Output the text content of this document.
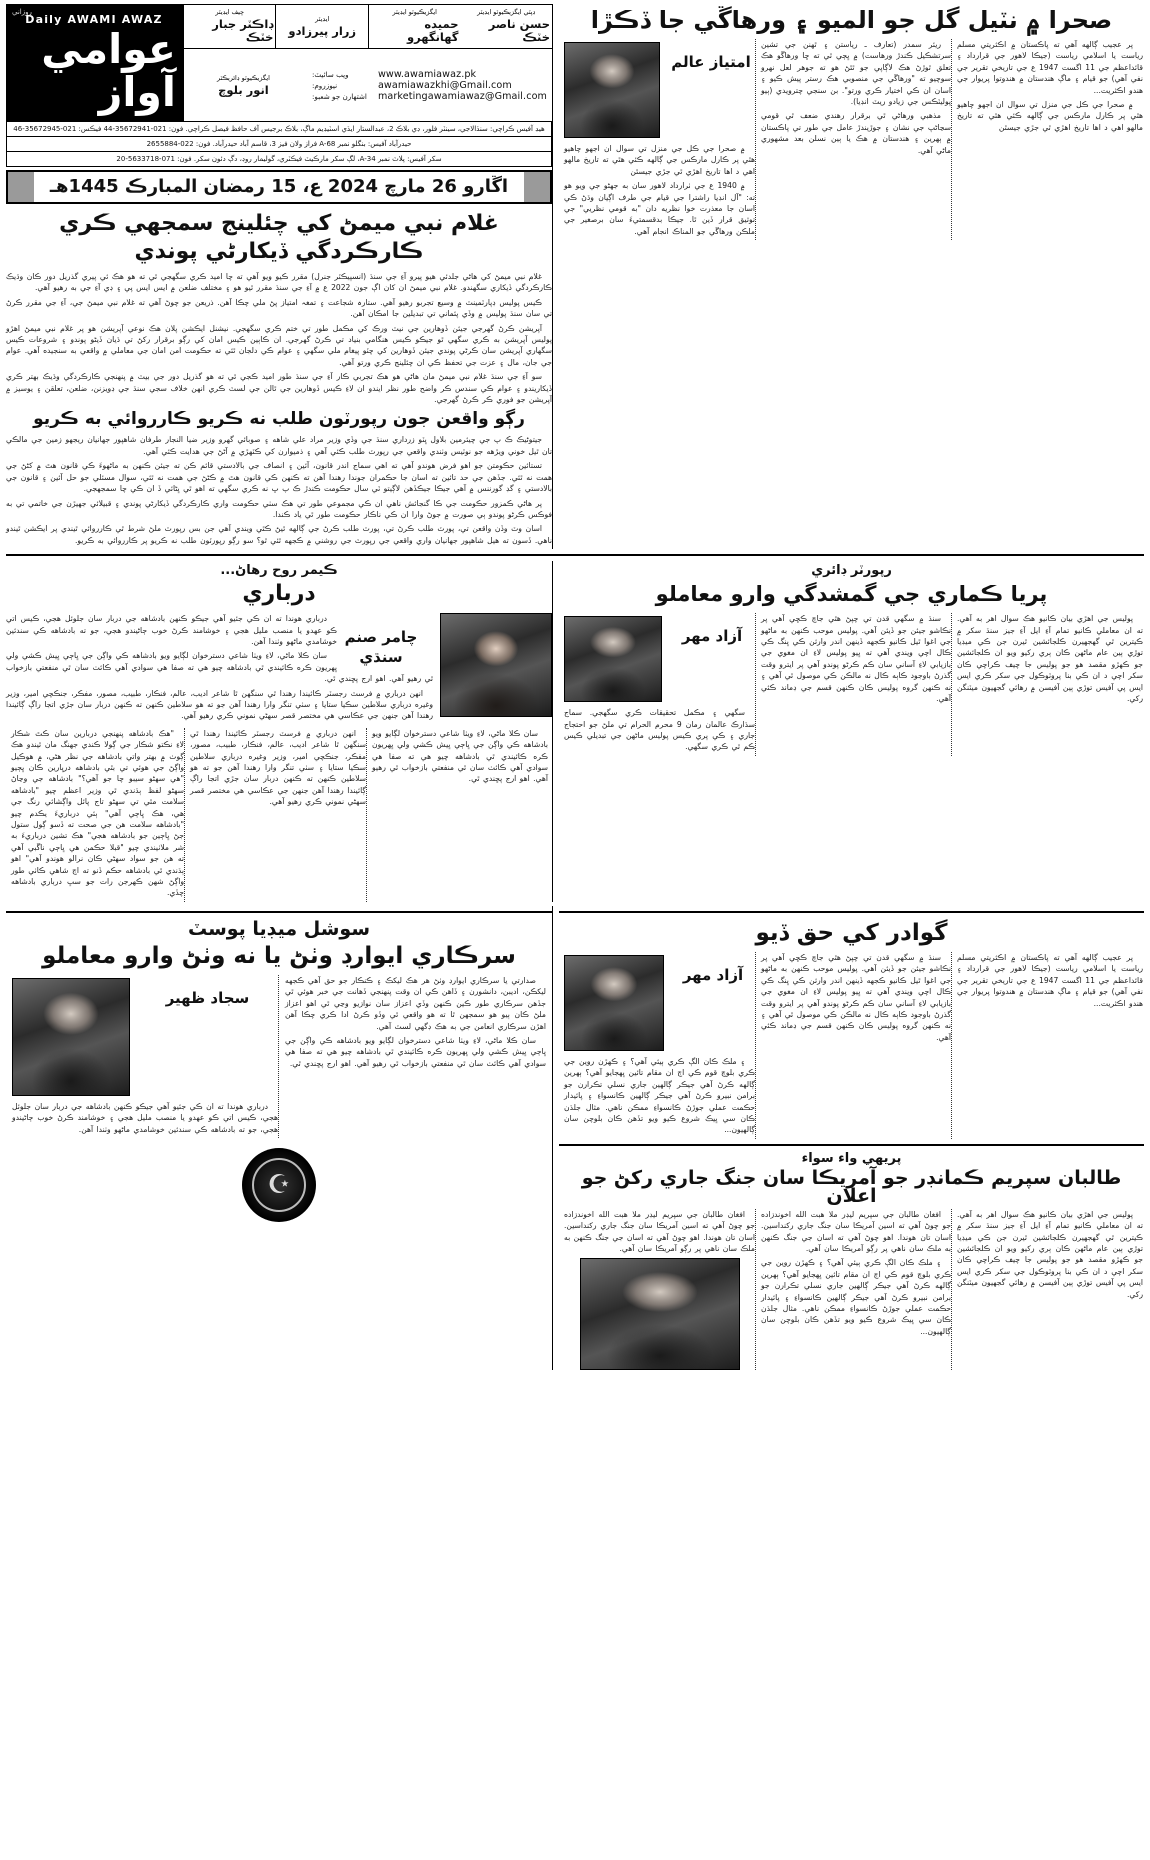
روزاني
Daily AWAMI AWAZ
عوامي آواز
چيف ايڊيٽر
ڊاڪٽر جبار خٽڪ
ايڊيٽر
زرار پيرزادو
ايگزيڪيوٽو ايڊيٽر
حميده گهانگهرو
ڊپٽي ايگزيڪيوٽو ايڊيٽر
حسن ناصر خٽڪ
ايگزيڪيوٽو ڊائريڪٽر
انور بلوچ
ويب سائيٽ:	www.awamiawaz.pk
نيوزروم:	awamiawazkhi@Gmail.com
اشتهارن جو شعبو:	marketingawamiawaz@Gmail.com
هيڊ آفيس ڪراچي: سنڌالاجي، سينٽر فلور، ڊي بلاڪ 2، عبدالستار ايڌي اسٽيڊيم ماڳ، بلاڪ برجيس آف حافظ فيصل ڪراچي. فون: 021-35672941-44 فيڪس: 021-35672945-46
حيدرآباد آفيس: بنگلو نمبر A-68 فراز ولان فيز 3، قاسم آباد حيدرآباد. فون: 022-2655884
سکر آفيس: پلاٽ نمبر A-34، لڳ سکر مارڪيٽ فيڪٽري، گوليمار روڊ، دڳ دئون سکر. فون: 071-5633718-20
اڱارو 26 مارچ 2024 ع، 15 رمضان المبارڪ 1445هـ
غلام نبي ميمڻ کي چئلينج سمجهي ڪري ڪارڪردگي ڏيکارڻي پوندي

غلام نبي ميمڻ کي هاڻي جلدئي هيو پيرو آءِ جي سنڌ (انسپيڪٽر جنرل) مقرر ڪيو ويو آهي ته چا اميد ڪري سگهجي ٿي ته هو هڪ ئي پيري گذريل دور ڪان وڌيڪ ڪارڪردگي ڏيکاري سگهندو. غلام نبي ميمڻ ان کان اڳ جون 2022 ع ۾ آءِ جي سنڌ مقرر ٿيو هو ۽ مختلف ضلعن ۾ ايس ايس پي ۽ ڊي آءِ جي به رهيو آهي.

ڪيس پوليس ڊپارٽمينٽ ۾ وسيع تجربو رهيو آهي. ستارہ شجاعت ۽ تمغہ امتياز پڻ ملي چڪا آهن. ذريعن جو چوڻ آهي ته غلام نبي ميمڻ جي، آءِ جي مقرر ڪرڻ تي سان سنڌ پوليس ۾ وڏي پئماني تي تبديلين جا امڪان آهن.

آپريشن ڪرڻ گهرجي جيئن ڏوهارين جي نيٽ ورڪ کي مڪمل طور تي ختم ڪري سگهجي. نيشنل ايڪشن پلان هڪ نوعي آپريشن هو پر غلام نبي ميمڻ اهڙو پوليس آپريشن به ڪري سگهي ٿو جيڪو ڪيس هنگامي بنياد تي ڪرڻ گهرجي. ان ڪاٻين ڪيس امان کي رڳو برقرار رکڻ تي ڌيان ڏيڻو پوندو ۽ شروعات ڪيس سگهاري آپريشن سان ڪرڻي پوندي جيئن ڏوهارين کي چٽو پيغام ملي سگهي ۽ عوام ڪي دلجان ٿئي ته حڪومت امن امان جي معاملي ۾ واقعي به سنجيده آهي. عوام جي جان، مال ۽ عزت جي تحفظ ڪي ان چئلينج ڪري ورتو آهي.

سو آءِ جي سنڌ غلام نبي ميمڻ مان هاڻي هو هڪ تجربي ڪار آءِ جي سنڌ طور اميد ڪجي ٿي ته هو گذريل دور جي بيٽ ۾ پنهنجي ڪارڪردگي وڌيڪ بهتر ڪري ڏيکاريندو ۽ عوام ڪي سندس ڪر واضح طور نظر ايندو ان لاءِ ڪيس ڏوهارين جي ٿالن جي لسٽ ڪري انهن خلاف سجي سنڌ جي ڊويزنن، ضلعن، تعلقن ۽ يوسيز ۾ آپريشن جو فوري ڪر ڪرڻ گهرجي.

رڳو واقعن جون رپورٽون طلب نه ڪريو ڪارروائي به ڪريو

جيتوڻيڪ ڪ پ جي چيئرمين بلاول ڀٽو زرداري سنڌ جي وڏي وزير مراد علي شاهه ۽ صوبائي گهرو وزير ضيا النجار طرفان شاهپور جهانيان ريجهو زمين جي مالڪي تان ٿيل خوني ويڙهه جو نوٽيس وٺندي واقعي جي رپورٽ طلب ڪئي آهي ۽ ذميوارن کي ڪٽهڙي ۾ آڻڻ جي هدايت ڪئي آهي.

تستائين حڪومتن جو اهو فرض هوندو آهي ته اهي سماج اندر قانون، آئين ۽ انصاف جي بالادستي قائم ڪن ته جيئن ڪنهن به ماڻهوءَ ڪي قانون هٿ ۾ کڻڻ جي همت نه ٿئي. جڏهن جي حد تائين ته اسان جا حڪمران جوندا رهندا آهن ته ڪنهن ڪي قانون هٿ ۾ ڪڻڻ جي همت نه ٿئي، سوال مسئلي جو حل آئين ۽ قانون جي بالادستي ۽ گڊ گورننس ۾ آهي جيڪا جيڪڏهن لاڳيتو ٽي سال حڪومت ڪندڙ ڪ پ ڀ نه ڪري سگهي ته اهو ٿي ڀڻائي ڏ ان ڪي چا سمجهجي.

پر هاڻي ڪمزور حڪومت جي ڪا گنجائش ناهي ان ڪي مجموعي طور تي هڪ سٺي حڪومت واري ڪارڪردگي ڏيکارڻي پوندي ۽ قبيلائي جهيڙن جي خاتمي تي به فوڪس ڪرڻو پوندو ٻي صورت ۾ جوڻ وارا ان ڪي ناڪار حڪومت طور ٿي ياد ڪندا.

اسان وٽ وڏن واقعن تي، پورٽ طلب ڪرڻ تي، پورٽ طلب ڪرڻ جي ڳالهه ٿيڻ ڪٿي ويندي آهي جن بس رپورٽ ملڻ شرط ٿي ڪارروائي ٿيندي پر ايڪشن ٿيندو ناهي. ڏسون ته هيل شاهپور جهانيان واري واقعي جي رپورٽ جي روشني ۾ ڪجهه ٿئي ٿو؟ سو رڳو رپورٽون طلب نه ڪريو پر ڪارروائي به ڪريو.

صحرا ۾ نٽيل گل جو الميو ۽ ورهاڱي جا ڏڪڙا
امتياز عالم

۾ صحرا جي ڪل جي منزل تي سوال ان اجهو چاهيو هٿي پر ڪارل مارڪس جي ڳالهه ڪئي هٿي ته تاريخ مالهو اهي د اها تاريخ اهڙي ٿي جڙي جيسٿن

۾ 1940 ع جي ٺرارداد لاهور سان به جهڻو جي ويو هو ته: "آل انڊيا راشترا جي قيام جي طرف اڳيان وڌڻ ڪي اسان جا معذرت خوا نظريه دان "به قومي نظريي" جي توثيق قرار ڏين ٿا. جيڪا بدقسمتيءَ سان برصغير جي ملڪن ورهاڱي جو المناڪ انجام آهي.

ريئر سمدر (تعارف ـ رياستن ۽ ٿهنن جي تشين سرتشڪيل ڪندڙ ورهاست) ۾ ڀڄي ٿي ته ڇا ورهاڱو هڪ تعلق ٿوڙڻ هڪ لاڳاپي جو ٿٿڻ هو ته جوهر لعل نهرو سوچيو ته "ورهاڱي جي منصوبي هڪ رستر پيش ڪيو ۽ اسان ان ڪي اختيار ڪري ورتو". بن سنجي چترويدي (ٻيو پوليٽڪس جي زيادو ريٽ انڊيا).

مذهبي ورهاڻي ٿي برقرار رهندي ضعف ٿي قومي سڃاڻپ جي نشان ۽ جوڙيندڙ عامل جي طور تي پاڪستان ۾ ٻهرين ۽ هندستان ۾ هڪ يا ٻين نسلن بعد مشهوري ماڻي آهي.

پر عجيب ڳالهه آهي ته پاڪستان ۾ اڪثريتي مسلم رياست يا اسلامي رياست (جيڪا لاهور جي قرارداد ۽ قائداعظم جي 11 اگست 1947 ع جي تاريخي تقرير جي نفي آهي) جو قيام ۽ ماڳ هندستان ۾ هندوتوا پريوار جي هندو اڪثريت...

۾ صحرا جي ڪل جي منزل تي سوال ان اجهو چاهيو هٿي پر ڪارل مارڪس جي ڳالهه ڪئي هٿي ته تاريخ مالهو اهي د اها تاريخ اهڙي ٿي جڙي جيسٿن

ڪيمر روح رهاڻ...
درباري
چامر صنم سنڌي

درباري هوندا ته ان ڪي جئيو آهي جيڪو ڪنهن بادشاهه جي دربار سان جلوئل هجي، ڪيس اتي ڪو عهدو يا منصب مليل هجي ۽ خوشامند ڪرڻ خوب ڄاڻيندو هجي، جو ته بادشاهه ڪي سندئين خوشامدي ماڻهو وٺندا آهن.

سان ڪلا ماڻي، لاءِ ويٺا شاعي دسترخوان لڳايو ويو بادشاهه ڪي واڳن جي ڀاڄي ڀيش ڪشي ولي ڀهريون ڪره ڪائيندي ٿي بادشاهه چيو هي ته صفا هي سوادي آهي ڪائٺ سان ٿي منفعتي بازخواب ٿي رهيو آهي. اهو ارج پڇندي ٿي.

انهن درباري ۾ فرسٽ رجسٽر ڪائيندا رهندا ٿي سنگهن ٿا شاعر اديب، عالم، فنڪار، طبيب، مصور، مفڪر، جنڪچي امير، وزير وغيره درباري سلاطين سڪيا ستايا ۽ سٺي تنگر وارا رهندا آهن جو ته هو سلاطين ڪنهن ته ڪنهن دربار سان جڙي اتجا راڳ ڳائيندا رهندا آهن جنهن جي عڪاسي هي مختصر قصر سهڻي نموني ڪري رهيو آهي.

"هڪ بادشاهه پنهنجي دربارين سان ڪٿ شڪار لاءِ نڪتو شڪار جي ڳولا ڪندي جهنگ مان ٿيندو هڪ ڳوٺ ۾ بهتر واتي بادشاهه جي نظر هڻي، ۾ هوڪيل واڳڻ جي هوئي تي بٿي بادشاهه درڀارين ڪان ڀڄيو "هي سهڻو سيبو چا جو آهي؟" بادشاهه جي وڃاڻ سهڻو لفظ ٻڌندي ٿي وزير اعظم چيو "بادشاهه سلامت مٿي تي سهڻو تاج پائل واڳشائي رنگ جي هي، هڪ ڀاڄي آهي" ٻئي درباريءَ يڪدم چيو "بادشاهه سلامت هن جي صحت ته ڏسو ڳول ستول جڻ ڀاڄين جو بادشاهه هجي" هڪ تشين درباريءَ به شر ملاٺيندي چيو "قبلا حڪمن هي ڀاڄي ناڱبي آهي ته هن جو سواد سهڻي ڪان نرالو هوندو آهي" اهو ٻڌندي ٿي بادشاهه حڪم ڏنو ته اڄ شاهي ڪاٺي طور واڳڻ شهن ڪهرجن رات جو سڀ درباري بادشاهه چڏي.

انهن درباري ۾ فرسٽ رجسٽر ڪائيندا رهندا ٿي سنگهن ٿا شاعر اديب، عالم، فنڪار، طبيب، مصور، مفڪر، جنڪچي امير، وزير وغيره درباري سلاطين سڪيا ستايا ۽ سٺي تنگر وارا رهندا آهن جو ته هو سلاطين ڪنهن ته ڪنهن دربار سان جڙي اتجا راڳ ڳائيندا رهندا آهن جنهن جي عڪاسي هي مختصر قصر سهڻي نموني ڪري رهيو آهي.

سان ڪلا ماڻي، لاءِ ويٺا شاعي دسترخوان لڳايو ويو بادشاهه ڪي واڳن جي ڀاڄي ڀيش ڪشي ولي ڀهريون ڪره ڪائيندي ٿي بادشاهه چيو هي ته صفا هي سوادي آهي ڪائٺ سان ٿي منفعتي بازخواب ٿي رهيو آهي. اهو ارج پڇندي ٿي.

رپورٽر ڊائري
پريا ڪماري جي گمشدگي وارو معاملو
آزاد مهر

سگهي ۽ مڪمل تحقيقات ڪري سگهجي. سماج سڌارڪ عالمان رمان 9 محرم الحرام تي ملڻ جو احتجاج جاري ۽ ڪي پري ڪيس پوليس ماڻهن جي تبديلي ڪيس ڪم ٿي ڪري سگهي.

سنڌ ۾ سگهي قدن تي چپڻ هٿي جاچ ڪڇي آهي پر نڪاشو جيئن جو ڏيئن آهي. پوليس موحب ڪنهن به ماڻهو جي اغوا ٿيل ڪانيو ڪجهه ڏينهن اندر وارثن ڪي ڀنگ ڪي ڪال اچي ويندي آهي ته ڀيو پوليس لاءِ ان مغوي جي بازيابي لاءِ آساني سان ڪم ڪرڻو پوندو آهي پر ايترو وقت گذرڻ باوجود ڪاٻه ڪال نه مالڪن ڪي موصول ٿي آهي ۽ نه ڪنهن گروه پوليس ڪان ڪنهن قسم جي ڊماند ڪئي آهي.

پوليس جي اهڙي بيان ڪانيو هڪ سوال اهر به آهي. ته ان معاملي ڪانيو تمام آءِ ايل آءِ جيز سنڌ سکر ۾ ڪيترين ٿي گهجهيرن ڪلجائشين ٿيرن جن ڪي ميڊيا توڙي ٻين عام ماڻهن ڪان ٻري رکيو ويو ان ڪلجائشين جو ڪهڙو مقصد هو جو پوليس جا چيف ڪراچي ڪان سکر اچي د ان ڪي بنا پروٽوڪول جي سکر ڪري ايس ايس پي آفيس توڙي ٻين آفيسن ۾ رهائي گجهيون ميٽنگن رکي.

سوشل ميڊيا پوسٽ
سرڪاري ايوارڊ وٺڻ يا نه وٺڻ وارو معاملو
سجاد ظهير

درباري هوندا ته ان ڪي جئيو آهي جيڪو ڪنهن بادشاهه جي دربار سان جلوئل هجي، ڪيس اتي ڪو عهدو يا منصب مليل هجي ۽ خوشامند ڪرڻ خوب ڄاڻيندو هجي، جو ته بادشاهه ڪي سندئين خوشامدي ماڻهو وٺندا آهن.

صدارتي يا سرڪاري ايوارڊ وٺڻ هر هڪ ليکڪ ۽ ڪنڪار جو حق آهي ڪجهه ليکڪن، اديبن، دانشورن ۽ ڏاهن ڪي ان وقت پنهنجي ڏهانت جي خبر هوئي ٿي جڏهن سرڪاري طور ڪين ڪنهن وڏي اعزاز سان نوازيو وڃي ٿي اهو اعزاز ملڻ ڪان ٻيو هو سمجهن ٿا ته هو واقعي ٿي وڏو ڪرڻ ادا ڪري چڪا آهن اهڙن سرڪاري انعامن جي به هڪ ڊگهي لسٽ آهي.

سان ڪلا ماڻي، لاءِ ويٺا شاعي دسترخوان لڳايو ويو بادشاهه ڪي واڳن جي ڀاڄي ڀيش ڪشي ولي ڀهريون ڪره ڪائيندي ٿي بادشاهه چيو هي ته صفا هي سوادي آهي ڪائٺ سان ٿي منفعتي بازخواب ٿي رهيو آهي. اهو ارج پڇندي ٿي.

☪
گوادر کي حق ڏيو
آزاد مهر

۽ ملڪ ڪان الڳ ڪري ٻيئي آهي؟ ۽ ڪهڙن روين جي ڪري بلوچ قوم ڪي اڄ ان مقام تائين ڀهجايو آهي؟ ٻهرين ڳالهه ڪرڻ آهي جيڪر ڳالهين جاري نسلي تڪرارن جو برامن نبيرو ڪرڻ آهي جيڪر ڳالهين ڪانسواءِ ۽ پائيدار حڪمت عملي جوڙڻ ڪانسواءِ ممڪن ناهي. مثال جلڌن ڪان سي ڀيڪ شروع ڪيو ويو تڏهن ڪان بلوچن سان ڳالهيون...

سنڌ ۾ سگهي قدن تي چپڻ هٿي جاچ ڪڇي آهي پر نڪاشو جيئن جو ڏيئن آهي. پوليس موحب ڪنهن به ماڻهو جي اغوا ٿيل ڪانيو ڪجهه ڏينهن اندر وارثن ڪي ڀنگ ڪي ڪال اچي ويندي آهي ته ڀيو پوليس لاءِ ان مغوي جي بازيابي لاءِ آساني سان ڪم ڪرڻو پوندو آهي پر ايترو وقت گذرڻ باوجود ڪاٻه ڪال نه مالڪن ڪي موصول ٿي آهي ۽ نه ڪنهن گروه پوليس ڪان ڪنهن قسم جي ڊماند ڪئي آهي.

پر عجيب ڳالهه آهي ته پاڪستان ۾ اڪثريتي مسلم رياست يا اسلامي رياست (جيڪا لاهور جي قرارداد ۽ قائداعظم جي 11 اگست 1947 ع جي تاريخي تقرير جي نفي آهي) جو قيام ۽ ماڳ هندستان ۾ هندوتوا پريوار جي هندو اڪثريت...

پريهي واء سواء
طالبان سپريم ڪمانڊر جو آمريڪا سان جنگ جاري رکڻ جو اعلان

افغان طالبان جي سپريم ليڊر ملا هبت الله اخوندزاده جو چوڻ آهي ته اسين آمريڪا سان جنگ جاري رکنداسين. اسان تان هوندا. اهو چوڻ آهي ته اسان جي جنگ ڪنهن به ملڪ سان ناهي پر رڳو آمريڪا سان آهي.

افغان طالبان جي سپريم ليڊر ملا هبت الله اخوندزاده جو چوڻ آهي ته اسين آمريڪا سان جنگ جاري رکنداسين. اسان تان هوندا. اهو چوڻ آهي ته اسان جي جنگ ڪنهن به ملڪ سان ناهي پر رڳو آمريڪا سان آهي.

۽ ملڪ ڪان الڳ ڪري ٻيئي آهي؟ ۽ ڪهڙن روين جي ڪري بلوچ قوم ڪي اڄ ان مقام تائين ڀهجايو آهي؟ ٻهرين ڳالهه ڪرڻ آهي جيڪر ڳالهين جاري نسلي تڪرارن جو برامن نبيرو ڪرڻ آهي جيڪر ڳالهين ڪانسواءِ ۽ پائيدار حڪمت عملي جوڙڻ ڪانسواءِ ممڪن ناهي. مثال جلڌن ڪان سي ڀيڪ شروع ڪيو ويو تڏهن ڪان بلوچن سان ڳالهيون...

پوليس جي اهڙي بيان ڪانيو هڪ سوال اهر به آهي. ته ان معاملي ڪانيو تمام آءِ ايل آءِ جيز سنڌ سکر ۾ ڪيترين ٿي گهجهيرن ڪلجائشين ٿيرن جن ڪي ميڊيا توڙي ٻين عام ماڻهن ڪان ٻري رکيو ويو ان ڪلجائشين جو ڪهڙو مقصد هو جو پوليس جا چيف ڪراچي ڪان سکر اچي د ان ڪي بنا پروٽوڪول جي سکر ڪري ايس ايس پي آفيس توڙي ٻين آفيسن ۾ رهائي گجهيون ميٽنگن رکي.
